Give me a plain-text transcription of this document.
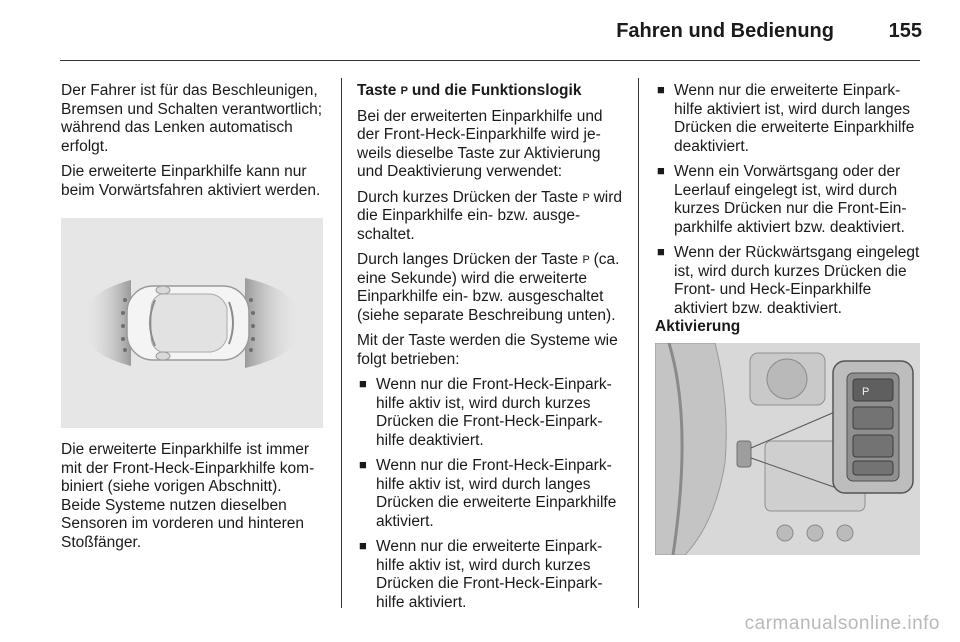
Fahren und Bedienung	155

Der Fahrer ist für das Beschleunigen, Bremsen und Schalten verantwortlich; während das Lenken automatisch erfolgt.

Die erweiterte Einparkhilfe kann nur beim Vorwärtsfahren aktiviert werden.

Die erweiterte Einparkhilfe ist immer mit der Front-Heck-Einparkhilfe kombiniert (siehe vorigen Abschnitt). Beide Systeme nutzen dieselben Sensoren im vorderen und hinteren Stoßfänger.

Taste P und die Funktionslogik

Bei der erweiterten Einparkhilfe und der Front-Heck-Einparkhilfe wird jeweils dieselbe Taste zur Aktivierung und Deaktivierung verwendet:

Durch kurzes Drücken der Taste P wird die Einparkhilfe ein- bzw. ausgeschaltet.

Durch langes Drücken der Taste P (ca. eine Sekunde) wird die erweiterte Einparkhilfe ein- bzw. ausgeschaltet (siehe separate Beschreibung unten).

Mit der Taste werden die Systeme wie folgt betrieben:

■ Wenn nur die Front-Heck-Einparkhilfe aktiv ist, wird durch kurzes Drücken die Front-Heck-Einparkhilfe deaktiviert.
■ Wenn nur die Front-Heck-Einparkhilfe aktiv ist, wird durch langes Drücken die erweiterte Einparkhilfe aktiviert.
■ Wenn nur die erweiterte Einparkhilfe aktiv ist, wird durch kurzes Drücken die Front-Heck-Einparkhilfe aktiviert.
■ Wenn nur die erweiterte Einparkhilfe aktiviert ist, wird durch langes Drücken die erweiterte Einparkhilfe deaktiviert.
■ Wenn ein Vorwärtsgang oder der Leerlauf eingelegt ist, wird durch kurzes Drücken nur die Front-Einparkhilfe aktiviert bzw. deaktiviert.
■ Wenn der Rückwärtsgang eingelegt ist, wird durch kurzes Drücken die Front- und Heck-Einparkhilfe aktiviert bzw. deaktiviert.
Aktivierung
P
carmanualsonline.info
